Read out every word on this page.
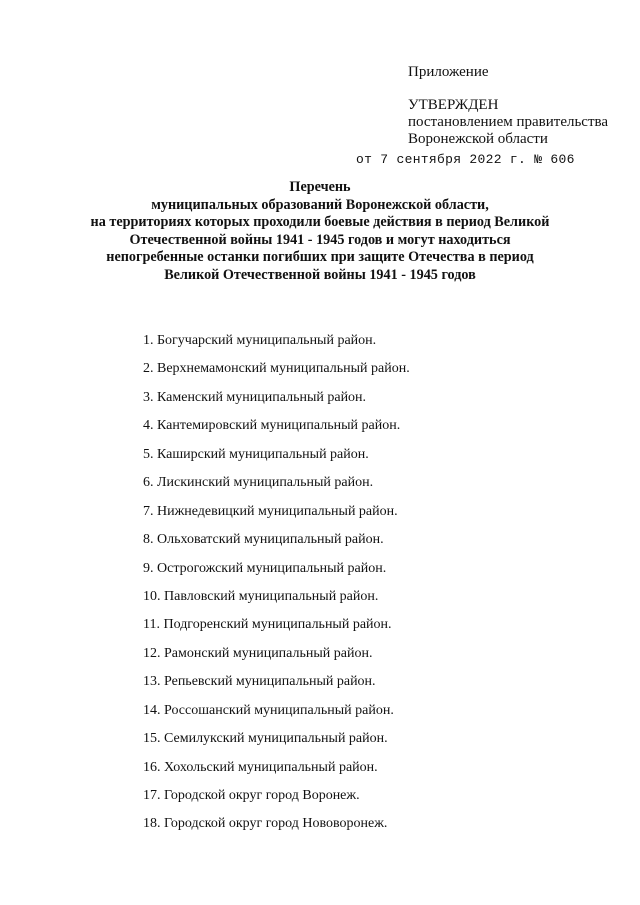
Приложение

УТВЕРЖДЕН

постановлением правительства

Воронежской области

от 7 сентября 2022 г. № 606

Перечень

муниципальных образований Воронежской области,

на территориях которых проходили боевые действия в период Великой

Отечественной войны 1941 - 1945 годов и могут находиться

непогребенные останки погибших при защите Отечества в период

Великой Отечественной войны 1941 - 1945 годов

1. Богучарский муниципальный район.
2. Верхнемамонский муниципальный район.
3. Каменский муниципальный район.
4. Кантемировский муниципальный район.
5. Каширский муниципальный район.
6. Лискинский муниципальный район.
7. Нижнедевицкий муниципальный район.
8. Ольховатский муниципальный район.
9. Острогожский муниципальный район.
10. Павловский муниципальный район.
11. Подгоренский муниципальный район.
12. Рамонский муниципальный район.
13. Репьевский муниципальный район.
14. Россошанский муниципальный район.
15. Семилукский муниципальный район.
16. Хохольский муниципальный район.
17. Городской округ город Воронеж.
18. Городской округ город Нововоронеж.
